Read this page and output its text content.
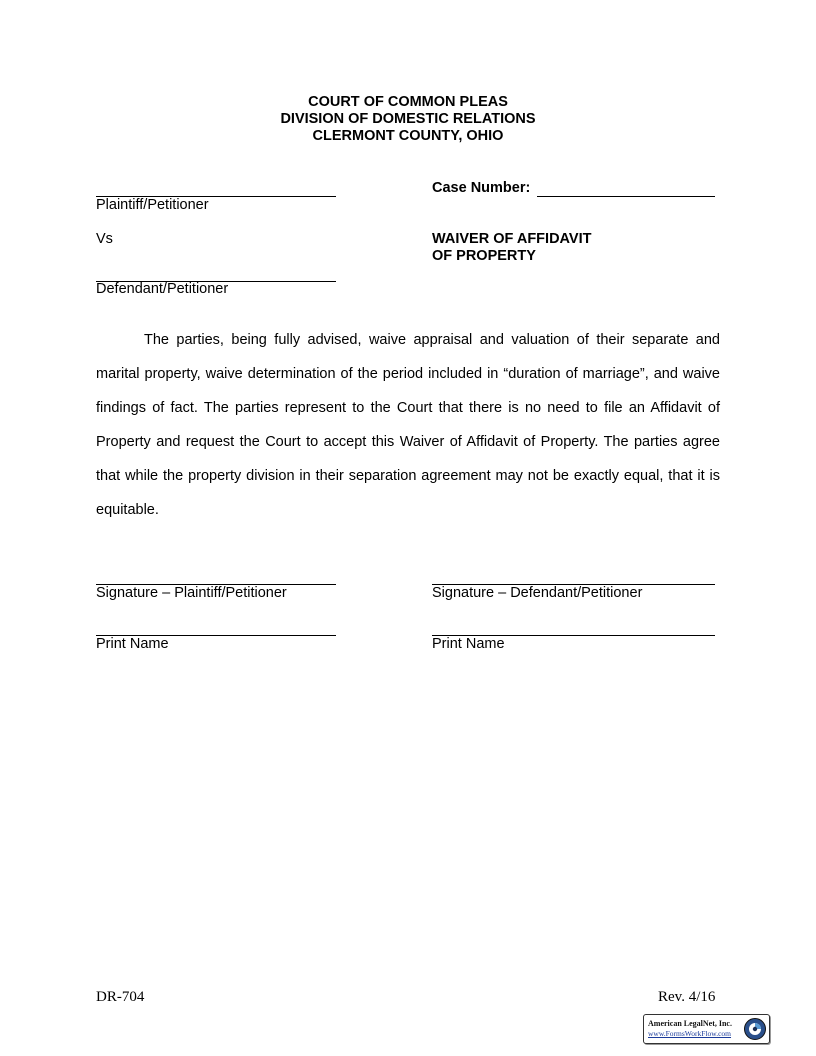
COURT OF COMMON PLEAS
DIVISION OF DOMESTIC RELATIONS
CLERMONT COUNTY, OHIO
Plaintiff/Petitioner
Case Number:
Vs	WAIVER OF AFFIDAVIT
OF PROPERTY
Defendant/Petitioner
The parties, being fully advised, waive appraisal and valuation of their separate and marital property, waive determination of the period included in “duration of marriage”, and waive findings of fact. The parties represent to the Court that there is no need to file an Affidavit of Property and request the Court to accept this Waiver of Affidavit of Property. The parties agree that while the property division in their separation agreement may not be exactly equal, that it is equitable.
Signature – Plaintiff/Petitioner	Signature – Defendant/Petitioner
Print Name	Print Name
DR-704	Rev. 4/16
American LegalNet, Inc.
www.FormsWorkFlow.com
